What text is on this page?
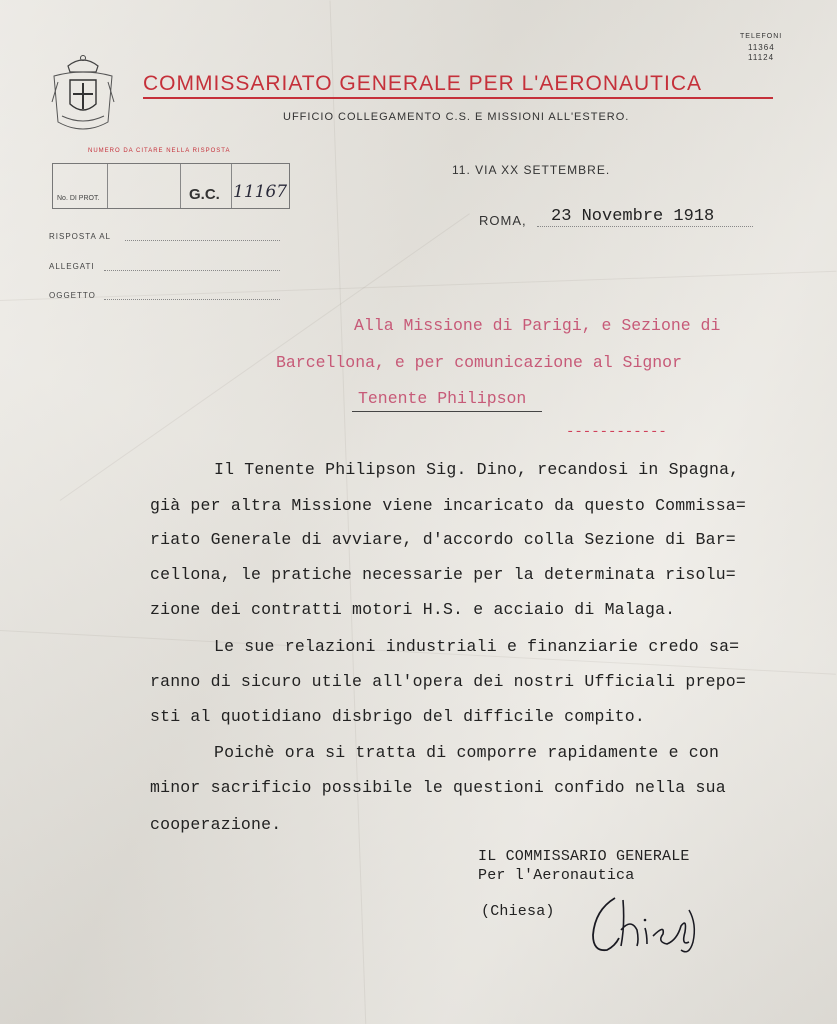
TELEFONI
11364
11124
COMMISSARIATO GENERALE PER L'AERONAUTICA
UFFICIO COLLEGAMENTO C.S. E MISSIONI ALL'ESTERO.
NUMERO DA CITARE NELLA RISPOSTA
No. DI PROT.	G.C. 11167
RISPOSTA AL
ALLEGATI
OGGETTO
11. VIA XX SETTEMBRE.
ROMA, 23 Novembre 1918
Alla Missione di Parigi, e Sezione di
Barcellona, e per comunicazione al Signor
Tenente Philipson
------------
Il Tenente Philipson Sig. Dino, recandosi in Spagna,
già per altra Missione viene incaricato da questo Commissa=
riato Generale di avviare, d'accordo colla Sezione di Bar=
cellona, le pratiche necessarie per la determinata risolu=
zione dei contratti motori H.S. e acciaio di Malaga.
Le sue relazioni industriali e finanziarie credo sa=
ranno di sicuro utile all'opera dei nostri Ufficiali prepo=
sti al quotidiano disbrigo del difficile compito.
Poichè ora si tratta di comporre rapidamente e con
minor sacrificio possibile le questioni confido nella sua
cooperazione.
IL COMMISSARIO GENERALE
Per l'Aeronautica
(Chiesa)
